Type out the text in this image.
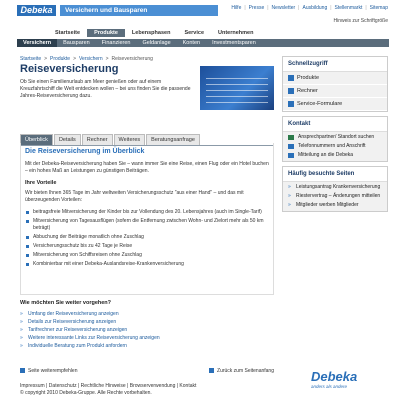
Debeka	Versichern und Bausparen	Hilfe | Presse | Newsletter | Ausbildung | Stellenmarkt | Sitemap
Hinweis zur Schriftgröße
Startseite	Produkte	Lebensphasen	Service	Unternehmen
Versichern	Bausparen	Finanzieren	Geldanlage	Konten	Investmentsparen
Startseite > Produkte > Versichern > Reiseversicherung
Reiseversicherung
Ob Sie einen Familienurlaub am Meer genießen oder auf einem Kreuzfahrtschiff die Welt entdecken wollen – bei uns finden Sie die passende Jahres-Reiseversicherung dazu.
Schnellzugriff
Produkte
Rechner
Service-Formulare
Kontakt
Ansprechpartner/ Standort suchen
Telefonnummern und Anschrift
Mitteilung an die Debeka
Häufig besuchte Seiten
» Leistungsantrag Krankenversicherung
» Riestervertrag – Änderungen mitteilen
» Mitglieder werben Mitglieder
Überblick	Details	Rechner	Weiteres	Beratungsanfrage
Die Reiseversicherung im Überblick

Mit der Debeka-Reiseversicherung haben Sie – wann immer Sie eine Reise, einen Flug oder ein Hotel buchen – ein hohes Maß an Leistungen zu günstigen Beiträgen.

Ihre Vorteile

Wir bieten Ihnen 365 Tage im Jahr weltweiten Versicherungsschutz "aus einer Hand" – und das mit überzeugenden Vorteilen:

beitragsfreie Mitversicherung der Kinder bis zur Vollendung des 20. Lebensjahres (auch im Single-Tarif)
Mitversicherung von Tagesausflügen (sofern die Entfernung zwischen Wohn- und Zielort mehr als 50 km beträgt)
Abbuchung der Beiträge monatlich ohne Zuschlag
Versicherungsschutz bis zu 42 Tage je Reise
Mitversicherung von Schiffsreisen ohne Zuschlag
Kombinierbar mit einer Debeka-Auslandsreise-Krankenversicherung
Wie möchten Sie weiter vorgehen?
» Umfang der Reiseversicherung anzeigen
» Details zur Reiseversicherung anzeigen
» Tarifrechner zur Reiseversicherung anzeigen
» Weitere interessante Links zur Reiseversicherung anzeigen
» Individuelle Beratung zum Produkt anfordern
Seite weiterempfehlen	Zurück zum Seitenanfang
Impressum | Datenschutz | Rechtliche Hinweise | Browserverwendung | Kontakt
© copyright 2010 Debeka-Gruppe. Alle Rechte vorbehalten.
Debeka
anders als andere
